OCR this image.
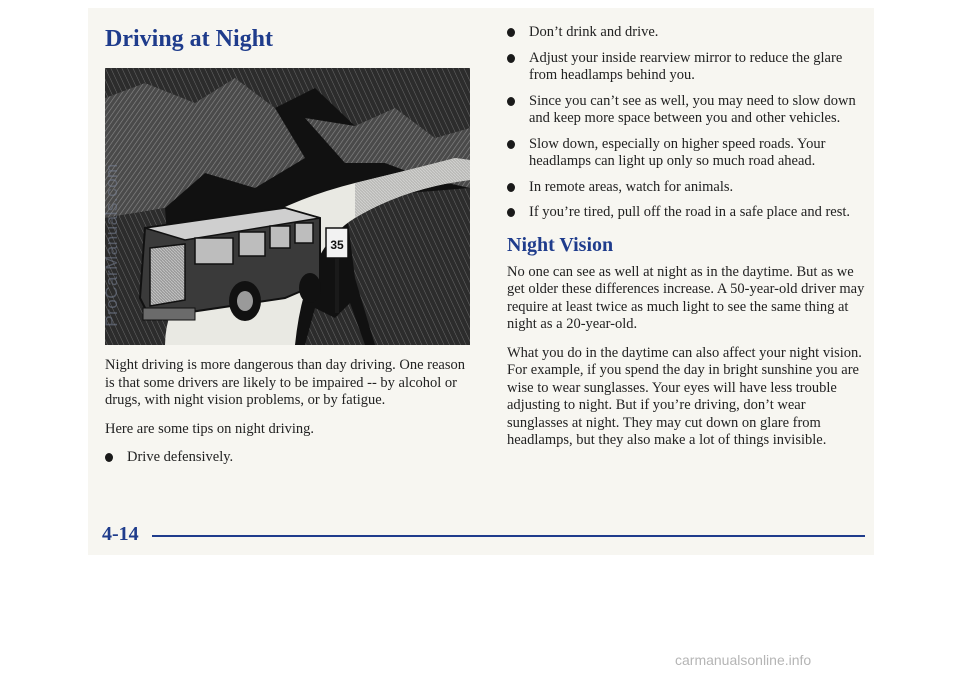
Driving at Night
35

Night driving is more dangerous than day driving. One reason is that some drivers are likely to be impaired -- by alcohol or drugs, with night vision problems, or by fatigue.

Here are some tips on night driving.

Drive defensively.
Don’t drink and drive.
Adjust your inside rearview mirror to reduce the glare from headlamps behind you.
Since you can’t see as well, you may need to slow down and keep more space between you and other vehicles.
Slow down, especially on higher speed roads. Your headlamps can light up only so much road ahead.
In remote areas, watch for animals.
If you’re tired, pull off the road in a safe place and rest.
Night Vision

No one can see as well at night as in the daytime. But as we get older these differences increase. A 50-year-old driver may require at least twice as much light to see the same thing at night as a 20-year-old.

What you do in the daytime can also affect your night vision. For example, if you spend the day in bright sunshine you are wise to wear sunglasses. Your eyes will have less trouble adjusting to night. But if you’re driving, don’t wear sunglasses at night. They may cut down on glare from headlamps, but they also make a lot of things invisible.

4-14
ProCarManuals.com
carmanualsonline.info
